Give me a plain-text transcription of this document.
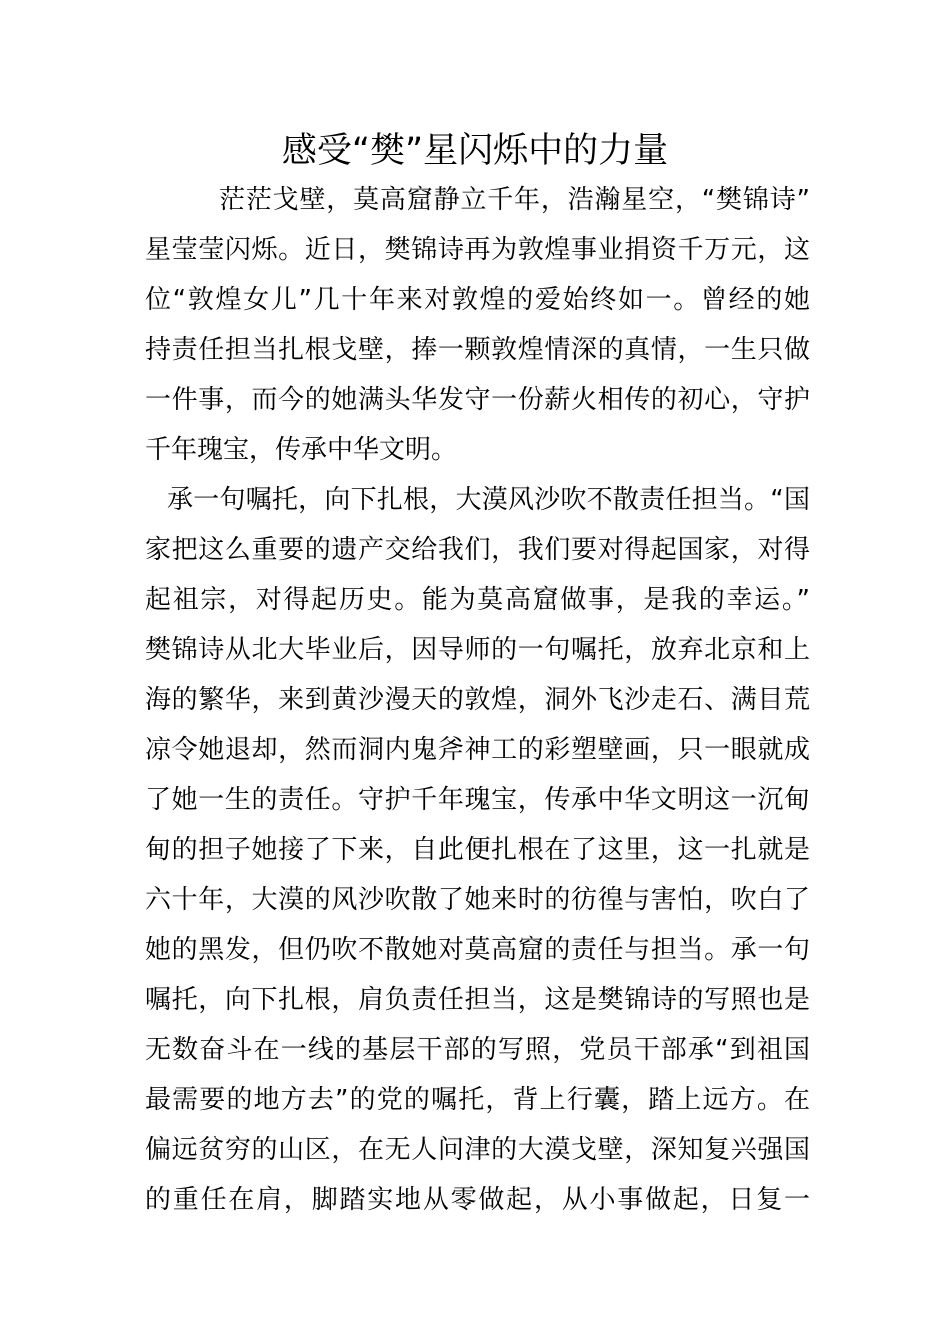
感受“樊”星闪烁中的力量
茫茫戈壁，莫高窟静立千年，浩瀚星空，“樊锦诗”
星莹莹闪烁。近日，樊锦诗再为敦煌事业捐资千万元，这
位“敦煌女儿”几十年来对敦煌的爱始终如一。曾经的她
持责任担当扎根戈壁，捧一颗敦煌情深的真情，一生只做
一件事，而今的她满头华发守一份薪火相传的初心，守护
千年瑰宝，传承中华文明。
承一句嘱托，向下扎根，大漠风沙吹不散责任担当。“国
家把这么重要的遗产交给我们，我们要对得起国家，对得
起祖宗，对得起历史。能为莫高窟做事，是我的幸运。”
樊锦诗从北大毕业后，因导师的一句嘱托，放弃北京和上
海的繁华，来到黄沙漫天的敦煌，洞外飞沙走石、满目荒
凉令她退却，然而洞内鬼斧神工的彩塑壁画，只一眼就成
了她一生的责任。守护千年瑰宝，传承中华文明这一沉甸
甸的担子她接了下来，自此便扎根在了这里，这一扎就是
六十年，大漠的风沙吹散了她来时的彷徨与害怕，吹白了
她的黑发，但仍吹不散她对莫高窟的责任与担当。承一句
嘱托，向下扎根，肩负责任担当，这是樊锦诗的写照也是
无数奋斗在一线的基层干部的写照，党员干部承“到祖国
最需要的地方去”的党的嘱托，背上行囊，踏上远方。在
偏远贫穷的山区，在无人问津的大漠戈壁，深知复兴强国
的重任在肩，脚踏实地从零做起，从小事做起，日复一
